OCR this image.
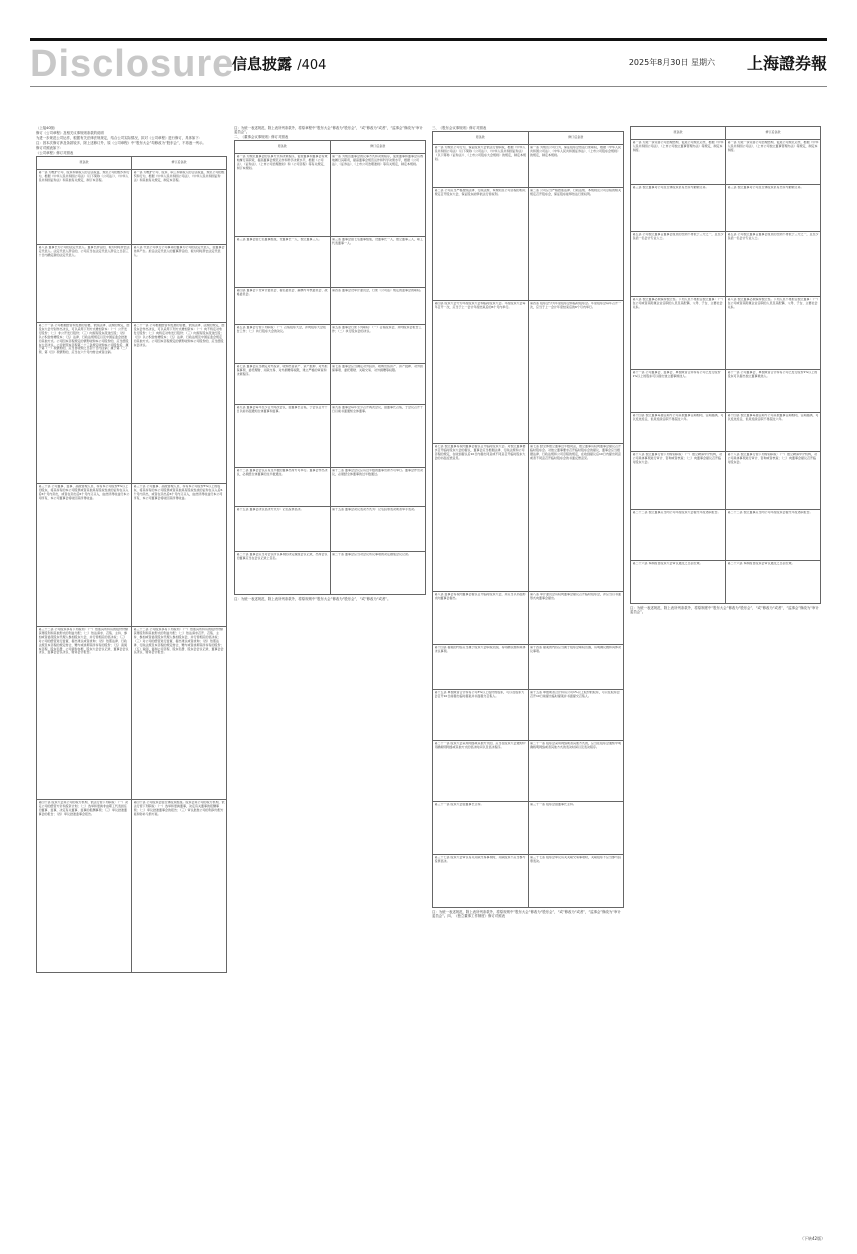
Disclosure
信息披露 /404	2025年8月30日 星期六 上海證券報
（上接40版）
修订《公司章程》及相关议事规则条款的说明
为进一步规范公司运作，根据有关法律法规规定，结合公司实际情况，拟对《公司章程》进行修订，具体如下：
注：因本次修订涉及条款较多，除上述修订外，原《公司章程》中“股东大会”均修改为“股东会”，不再逐一列示。
修订对照表如下：
《公司章程》修订对照表
原条款	修订后条款

第一条 为维护公司、股东和债权人的合法权益，规范公司的组织和行为，根据《中华人民共和国公司法》（以下简称《公司法》）、《中华人民共和国证券法》和其他有关规定，制订本章程。	第一条 为维护公司、股东、职工和债权人的合法权益，规范公司的组织和行为，根据《中华人民共和国公司法》、《中华人民共和国证券法》和其他有关规定，制定本章程。

第八条 董事长为公司的法定代表人。董事长辞任的，视为同时辞去法定代表人。法定代表人辞任的，公司应当在法定代表人辞任之日起三十日内确定新的法定代表人。	第八条 代表公司执行公司事务的董事为公司的法定代表人，由董事会选举产生。担任法定代表人的董事辞任的，视为同时辞去法定代表人。

第二十一条 公司根据经营和发展的需要，依照法律、法规的规定，经股东大会分别作出决议，可以采用下列方式增加资本：（一）公开发行股份；（二）非公开发行股份；（三）向现有股东派送红股；（四）以公积金转增股本；（五）法律、行政法规规定以及中国证监会批准的其他方式。公司因本章程规定的情形收购本公司股份的，应当经股东大会决议。公司依照本章程第二十三条规定收购本公司股份后，属于第（一）项情形的，应当自收购之日起十日内注销；属于第（二）项、第（四）项情形的，应当在六个月内转让或者注销。	第二十一条 公司根据经营和发展的需要，依照法律、法规的规定，经股东会作出决议，可以采用下列方式增加资本：（一）向不特定对象发行股份；（二）向特定对象发行股份；（三）向现有股东派送红股；（四）以公积金转增股本；（五）法律、行政法规及中国证监会规定的其他方式。公司因本章程规定的情形收购本公司股份的，应当经股东会决议。

第三十条 公司董事、监事、高级管理人员、持有本公司股份5%以上的股东，将其持有的本公司股票或者其他具有股权性质的证券在买入后6个月内卖出，或者在卖出后6个月内又买入，由此所得收益归本公司所有，本公司董事会将收回其所得收益。	第三十条 公司董事、高级管理人员、持有本公司股份5%以上的股东，将其持有的本公司股票或者其他具有股权性质的证券在买入后6个月内卖出，或者在卖出后6个月内又买入，由此所得收益归本公司所有，本公司董事会将收回其所得收益。

第三十二条 公司股东享有下列权利：（一）依照其所持有的股份份额获得股利和其他形式的利益分配；（二）依法请求、召集、主持、参加或者委派股东代理人参加股东大会，并行使相应的表决权；（三）对公司的经营进行监督，提出建议或者质询；（四）依照法律、行政法规及本章程的规定转让、赠与或质押其所持有的股份；（五）查阅本章程、股东名册、公司债券存根、股东大会会议记录、董事会会议决议、监事会会议决议、财务会计报告。	第三十二条 公司股东享有下列权利：（一）依照其所持有的股份份额获得股利和其他形式的利益分配；（二）依法请求召开、召集、主持、参加或者委派股东代理人参加股东会，并行使相应的表决权；（三）对公司的经营进行监督，提出建议或者质询；（四）依照法律、行政法规及本章程的规定转让、赠与或者质押其所持有的股份；（五）查阅、复制公司章程、股东名册、股东会会议记录、董事会会议决议、财务会计报告。

第四十条 股东大会是公司的权力机构，依法行使下列职权：（一）决定公司的经营方针和投资计划；（二）选举和更换非由职工代表担任的董事、监事，决定有关董事、监事的报酬事项；（三）审议批准董事会的报告；（四）审议批准监事会报告。	第四十条 公司股东会由全体股东组成。股东会是公司的权力机构，依法行使下列职权：（一）选举和更换董事，决定有关董事的报酬事项；（二）审议批准董事会的报告；（三）审议批准公司的利润分配方案和弥补亏损方案。
注：为统一表述规范，除上表所列条款外，将原章程中“股东大会”修改为“股东会”，“或”修改为“或者”，“监事会”修改为“审计委员会”。
二、《董事会议事规则》修订对照表
原条款	修订后条款

第一条 为规范董事会的议事方式和决策程序，促使董事和董事会有效地履行其职责，提高董事会规范运作和科学决策水平，根据《公司法》、《证券法》、《上市公司治理准则》和《公司章程》等有关规定，制订本规则。	第一条 为规范董事会的议事方式和决策程序，促使董事和董事会有效地履行其职责，提高董事会规范运作和科学决策水平，根据《公司法》、《证券法》、《上市公司治理准则》等有关规定，制定本规则。

第三条 董事会由七名董事组成，设董事长一人，独立董事三人。	第三条 董事会由七名董事组成，设董事长一人，独立董事三人，职工代表董事一人。

第四条 董事会下设审计委员会、提名委员会、薪酬与考核委员会、战略委员会。	第四条 董事会设审计委员会，行使《公司法》规定的监事会的职权。

第五条 董事会行使下列职权：（一）召集股东大会，并向股东大会报告工作；（二）执行股东大会的决议。	第五条 董事会行使下列职权：（一）召集股东会，并向股东会报告工作；（二）执行股东会的决议。

第七条 董事会应当确定对外投资、收购出售资产、资产抵押、对外担保事项、委托理财、关联交易、对外捐赠等权限，建立严格的审查和决策程序。	第七条 董事会应当确定对外投资、收购出售资产、资产抵押、对外担保事项、委托理财、关联交易、对外捐赠等权限。

第九条 董事会每年至少召开两次会议，由董事长召集，于会议召开十日以前书面通知全体董事和监事。	第九条 董事会每年至少召开两次会议，由董事长召集，于会议召开十日以前书面通知全体董事。

第十二条 董事会会议应有过半数的董事出席方可举行。董事会作出决议，必须经全体董事的过半数通过。	第十二条 董事会会议应有过半数的董事出席方可举行。董事会作出决议，必须经全体董事的过半数通过。

第十五条 董事会决议表决方式为：记名投票表决。	第十五条 董事会决议表决方式为：记名投票表决或者举手表决。

第二十条 董事会应当对会议所议事项的决定做成会议记录，出席会议的董事应当在会议记录上签名。	第二十条 董事会应当对会议所议事项的决定做成会议记录。
注：为统一表述规范，除上表所列条款外，将原规则中“股东大会”修改为“股东会”，“或”修改为“或者”。
三、《股东会议事规则》修订对照表
原条款	修订后条款

第一条 为规范公司行为，保证股东大会依法行使职权，根据《中华人民共和国公司法》（以下简称《公司法》）、《中华人民共和国证券法》（以下简称《证券法》）、《上市公司股东大会规则》的规定，制定本规则。	第一条 为规范公司行为，保证股东会依法行使职权，根据《中华人民共和国公司法》、《中华人民共和国证券法》、《上市公司股东会规则》的规定，制定本规则。

第二条 公司应当严格按照法律、行政法规、本规则及公司章程的相关规定召开股东大会，保证股东能够依法行使权利。	第二条 公司应当严格按照法律、行政法规、本规则及公司章程的相关规定召开股东会，保证股东能够依法行使权利。

第四条 股东大会分为年度股东大会和临时股东大会。年度股东大会每年召开一次，应当于上一会计年度结束后的6个月内举行。	第四条 股东会分为年度股东会和临时股东会。年度股东会每年召开一次，应当于上一会计年度结束后的6个月内举行。

第七条 独立董事有权向董事会提议召开临时股东大会。对独立董事要求召开临时股东大会的提议，董事会应当根据法律、行政法规和公司章程的规定，在收到提议后10日内提出同意或不同意召开临时股东大会的书面反馈意见。	第七条 经全体独立董事过半数同意，独立董事有权向董事会提议召开临时股东会。对独立董事要求召开临时股东会的提议，董事会应当根据法律、行政法规和公司章程的规定，在收到提议后10日内提出同意或者不同意召开临时股东会的书面反馈意见。

第八条 监事会有权向董事会提议召开临时股东大会，并应当以书面形式向董事会提出。	第八条 审计委员会有权向董事会提议召开临时股东会，并应当以书面形式向董事会提出。

第十四条 提案的内容应当属于股东大会职权范围，有明确议题和具体决议事项。	第十四条 提案的内容应当属于股东会职权范围，有明确议题和具体决议事项。

第十五条 单独或者合计持有公司3%以上股份的股东，可以在股东大会召开10日前提出临时提案并书面提交召集人。	第十五条 单独或者合计持有公司1%以上股份的股东，可以在股东会召开10日前提出临时提案并书面提交召集人。

第二十一条 股东大会采用网络或其他方式的，应当在股东大会通知中明确载明网络或其他方式的表决时间以及表决程序。	第二十一条 股东会采用网络或者其他方式的，应当在股东会通知中明确载明网络或者其他方式的表决时间以及表决程序。

第三十一条 股东大会由董事长主持。	第三十一条 股东会由董事长主持。

第三十七条 股东大会审议有关关联交易事项时，关联股东不应当参与投票表决。	第三十七条 股东会审议有关关联交易事项时，关联股东不应当参与投票表决。
注：为统一表述规范，除上表所列条款外，将原规则中“股东大会”修改为“股东会”，“或”修改为“或者”，“监事会”修改为“审计委员会”。四、《独立董事工作制度》修订对照表
原条款	修订后条款

第一条 为进一步完善公司治理结构，促进公司规范运作，根据《中华人民共和国公司法》、《上市公司独立董事管理办法》等规定，制定本制度。	第一条 为进一步完善公司治理结构，促进公司规范运作，根据《中华人民共和国公司法》、《上市公司独立董事管理办法》等规定，制定本制度。

第三条 独立董事对公司及全体股东负有忠实与勤勉义务。	第三条 独立董事对公司及全体股东负有忠实与勤勉义务。

第五条 公司独立董事占董事会成员的比例不得低于三分之一，且至少包括一名会计专业人士。	第五条 公司独立董事占董事会成员的比例不得低于三分之一，且至少包括一名会计专业人士。

第八条 独立董事必须保持独立性。下列人员不得担任独立董事：（一）在公司或者其附属企业任职的人员及其配偶、父母、子女、主要社会关系。	第八条 独立董事必须保持独立性。下列人员不得担任独立董事：（一）在公司或者其附属企业任职的人员及其配偶、父母、子女、主要社会关系。

第十一条 公司董事会、监事会、单独或者合并持有公司已发行股份1%以上的股东可以提出独立董事候选人。	第十一条 公司董事会、单独或者合计持有公司已发行股份1%以上的股东可以提出独立董事候选人。

第十四条 独立董事每届任期与公司其他董事任期相同，任期届满，可以连选连任，但是连续任职不得超过六年。	第十四条 独立董事每届任期与公司其他董事任期相同，任期届满，可以连选连任，但是连续任职不得超过六年。

第十八条 独立董事行使下列特别职权：（一）独立聘请中介机构，对公司具体事项进行审计、咨询或者核查；（二）向董事会提议召开临时股东大会。	第十八条 独立董事行使下列特别职权：（一）独立聘请中介机构，对公司具体事项进行审计、咨询或者核查；（二）向董事会提议召开临时股东会。

第二十二条 独立董事应当向公司年度股东大会提交年度述职报告。	第二十二条 独立董事应当向公司年度股东会提交年度述职报告。

第二十六条 本制度自股东大会审议通过之日起生效。	第二十六条 本制度自股东会审议通过之日起生效。
注：为统一表述规范，除上表所列条款外，将原制度中“股东大会”修改为“股东会”，“或”修改为“或者”，“监事会”修改为“审计委员会”。
（下转42版）
